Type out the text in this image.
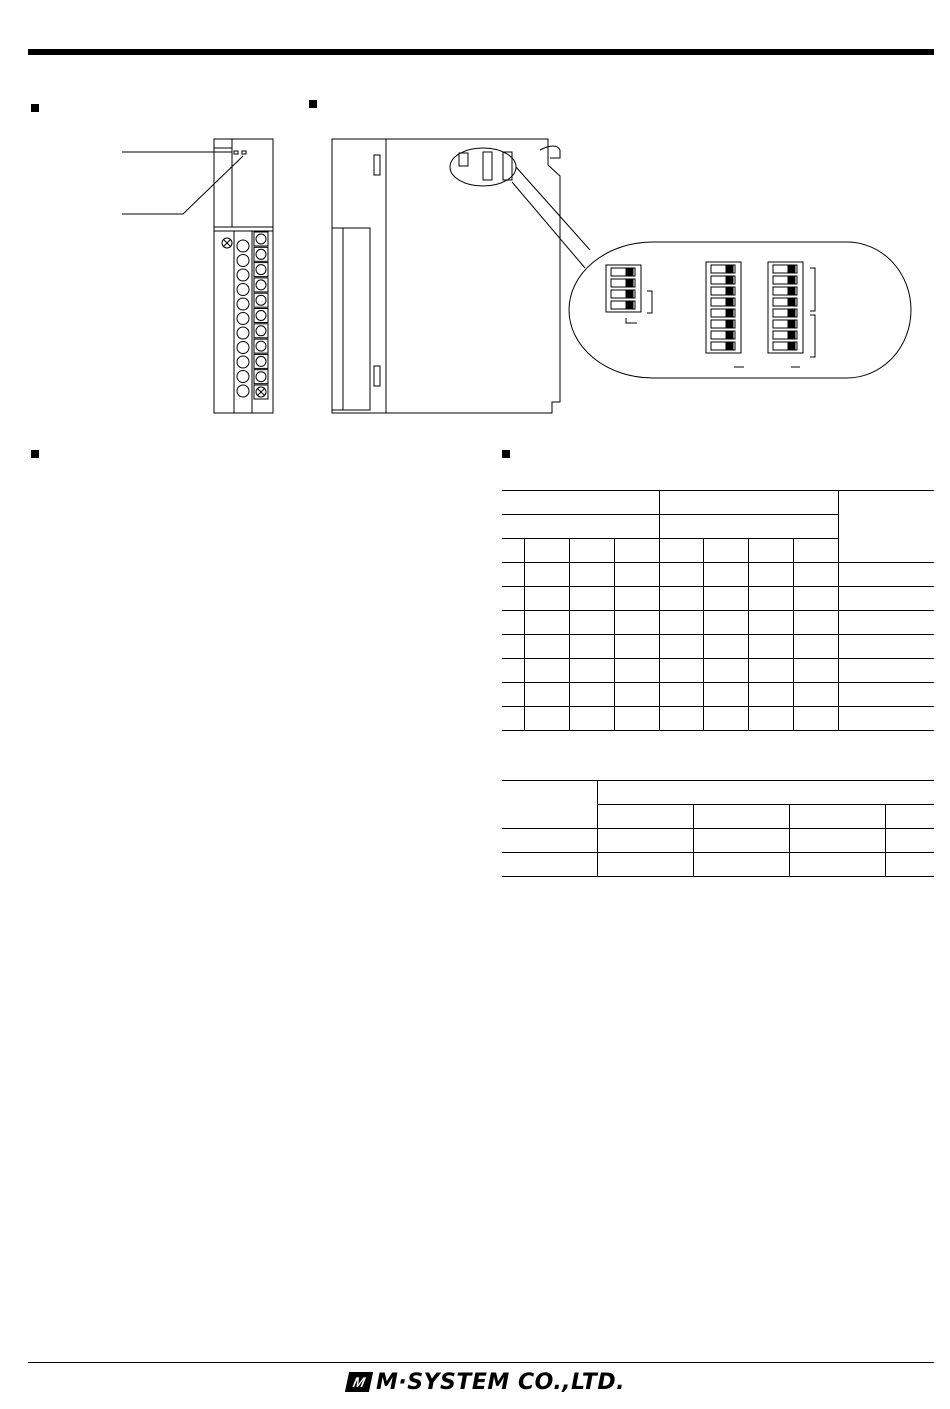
M M·SYSTEM CO.,LTD.
